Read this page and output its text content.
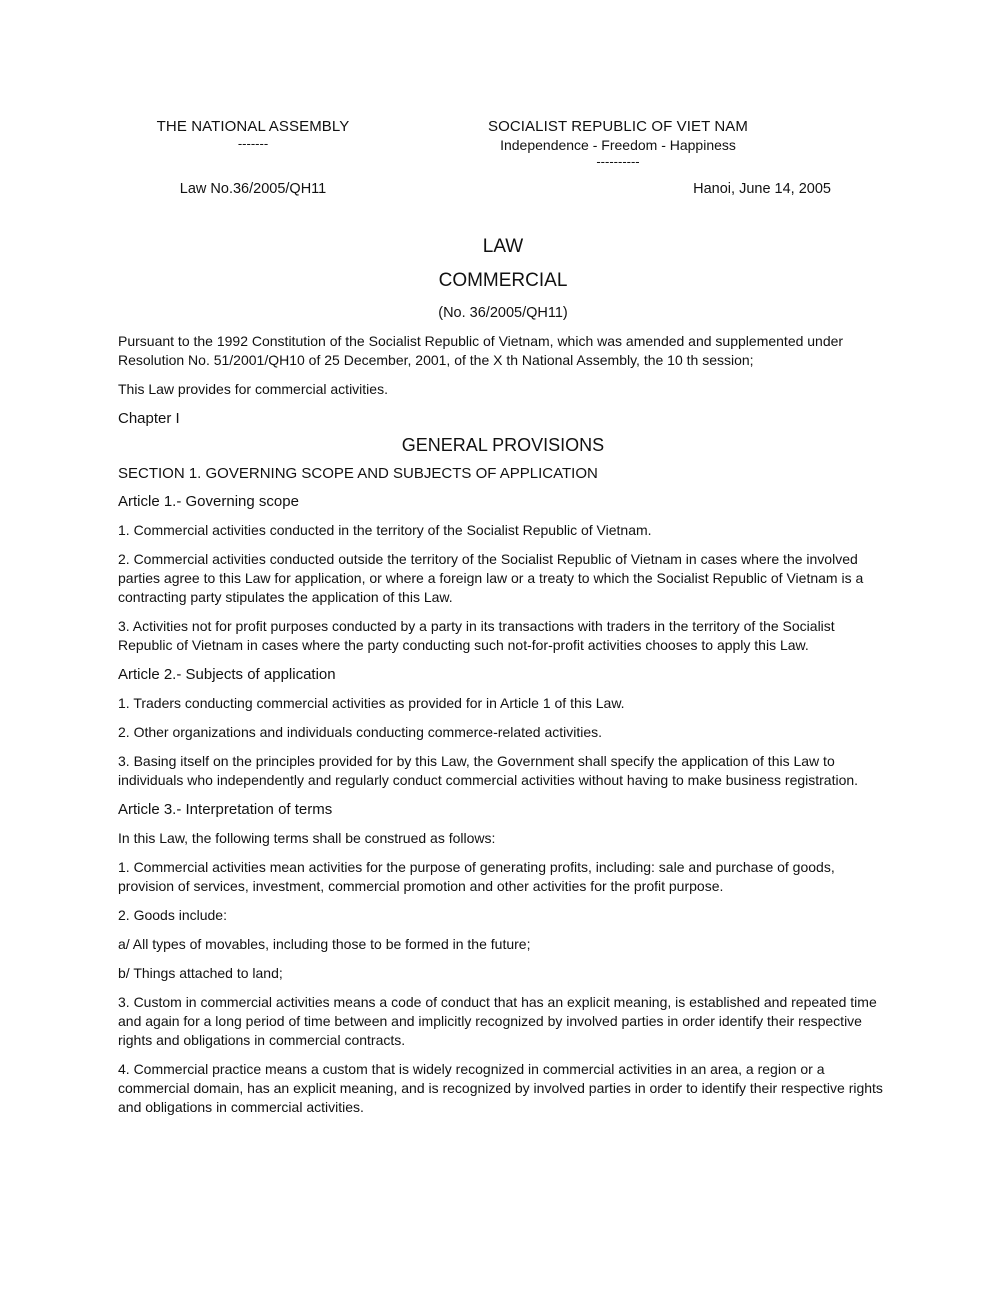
THE NATIONAL ASSEMBLY
-------
SOCIALIST REPUBLIC OF VIET NAM
Independence - Freedom - Happiness
----------
Law No.36/2005/QH11	Hanoi, June 14, 2005
LAW
COMMERCIAL
(No. 36/2005/QH11)

Pursuant to the 1992 Constitution of the Socialist Republic of Vietnam, which was amended and supplemented under Resolution No. 51/2001/QH10 of 25 December, 2001, of the X th National Assembly, the 10 th session;

This Law provides for commercial activities.

Chapter I
GENERAL PROVISIONS
SECTION 1. GOVERNING SCOPE AND SUBJECTS OF APPLICATION
Article 1.- Governing scope

1. Commercial activities conducted in the territory of the Socialist Republic of Vietnam.

2. Commercial activities conducted outside the territory of the Socialist Republic of Vietnam in cases where the involved parties agree to this Law for application, or where a foreign law or a treaty to which the Socialist Republic of Vietnam is a contracting party stipulates the application of this Law.

3. Activities not for profit purposes conducted by a party in its transactions with traders in the territory of the Socialist Republic of Vietnam in cases where the party conducting such not-for-profit activities chooses to apply this Law.

Article 2.- Subjects of application

1. Traders conducting commercial activities as provided for in Article 1 of this Law.

2. Other organizations and individuals conducting commerce-related activities.

3. Basing itself on the principles provided for by this Law, the Government shall specify the application of this Law to individuals who independently and regularly conduct commercial activities without having to make business registration.

Article 3.- Interpretation of terms

In this Law, the following terms shall be construed as follows:

1. Commercial activities mean activities for the purpose of generating profits, including: sale and purchase of goods, provision of services, investment, commercial promotion and other activities for the profit purpose.

2. Goods include:

a/ All types of movables, including those to be formed in the future;

b/ Things attached to land;

3. Custom in commercial activities means a code of conduct that has an explicit meaning, is established and repeated time and again for a long period of time between and implicitly recognized by involved parties in order identify their respective rights and obligations in commercial contracts.

4. Commercial practice means a custom that is widely recognized in commercial activities in an area, a region or a commercial domain, has an explicit meaning, and is recognized by involved parties in order to identify their respective rights and obligations in commercial activities.
